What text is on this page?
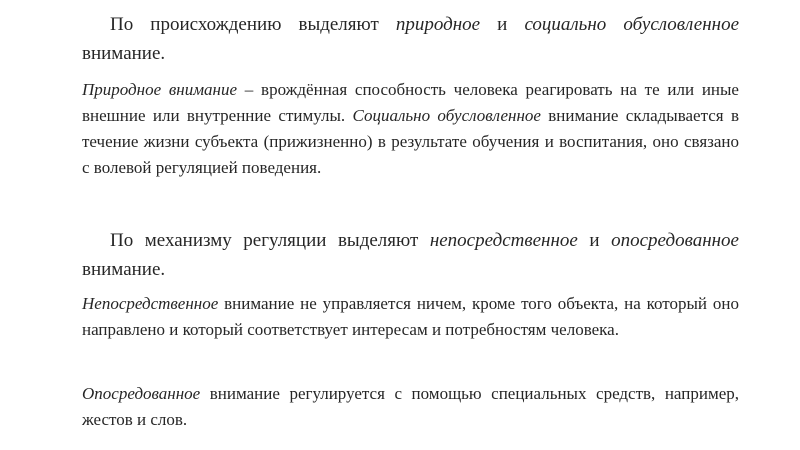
По происхождению выделяют природное и социально обусловленное внимание.

Природное внимание – врождённая способность человека реагировать на те или иные внешние или внутренние стимулы. Социально обусловленное внимание складывается в течение жизни субъекта (прижизненно) в результате обучения и воспитания, оно связано с волевой регуляцией поведения.

По механизму регуляции выделяют непосредственное и опосредованное внимание.

Непосредственное внимание не управляется ничем, кроме того объекта, на который оно направлено и который соответствует интересам и потребностям человека.

Опосредованное внимание регулируется с помощью специальных средств, например, жестов и слов.
